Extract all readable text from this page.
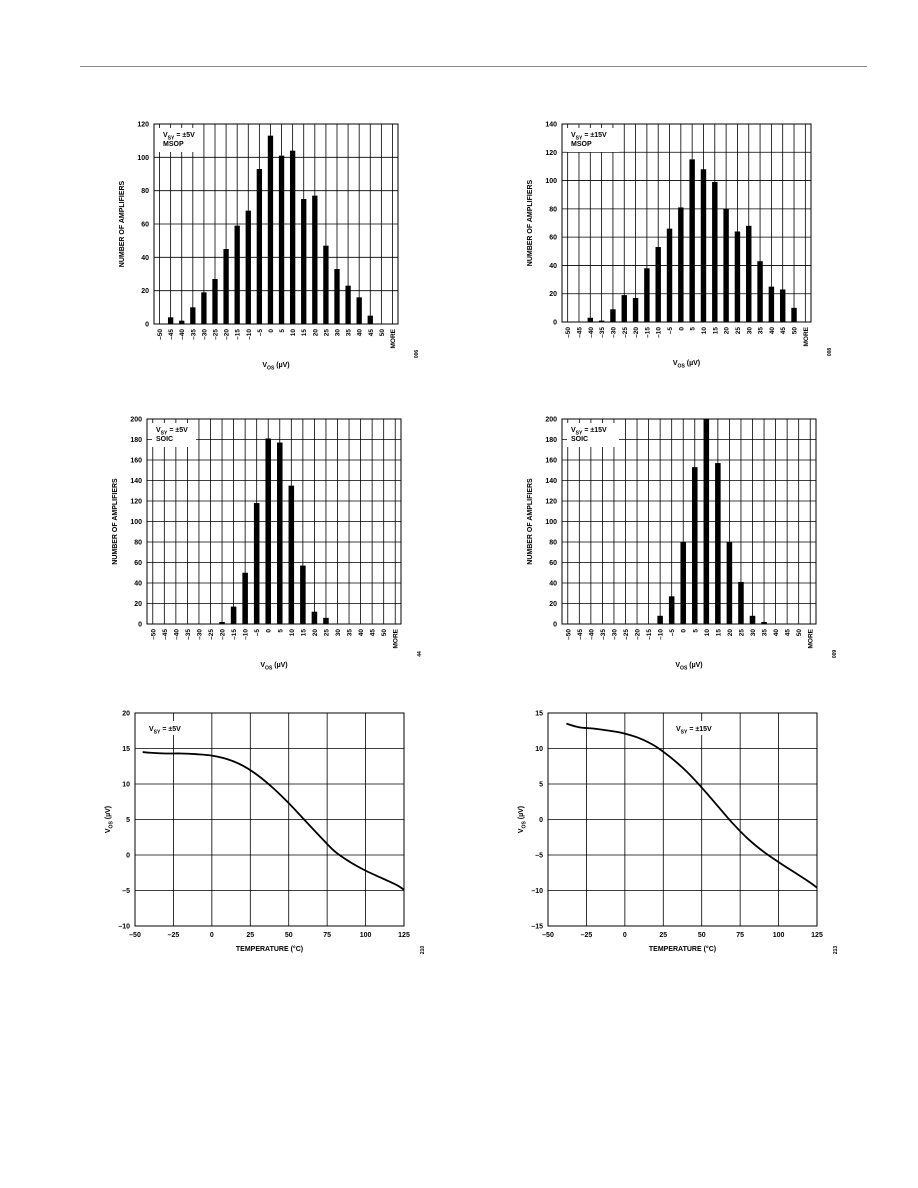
0
20
40
60
80
100
120
–50 –45 –40 –35 –30 –25 –20 –15 –10 –5 0 5 10 15 20 25 30 35 40 45 50 MORE
$V_{SY} = \pm 5V$
MSOP
$V_{OS}$ (µV)
NUMBER OF AMPLIFIERS
006
0
20
40
60
80
100
120
140
–50 –45 –40 –35 –30 –25 –20 –15 –10 –5 0 5 10 15 20 25 30 35 40 45 50 MORE
$V_{SY} = \pm 15V$
MSOP
$V_{OS}$ (µV)
NUMBER OF AMPLIFIERS
008
0
20
40
60
80
100
120
140
160
180
200
–50 –45 –40 –35 –30 –25 –20 –15 –10 –5 0 5 10 15 20 25 30 35 40 45 50 MORE
$V_{SY} = \pm 5V$
SOIC
$V_{OS}$ (µV)
NUMBER OF AMPLIFIERS
44
0
20
40
60
80
100
120
140
160
180
200
–50 –45 –40 –35 –30 –25 –20 –15 –10 –5 0 5 10 15 20 25 30 35 40 45 50 MORE
$V_{SY} = \pm 15V$
SOIC
$V_{OS}$ (µV)
NUMBER OF AMPLIFIERS
009
–10
–5
0
5
10
15
20
–50	–25	0	25	50	75	100	125
$V_{SY} = \pm 5V$
TEMPERATURE (°C)
$V_{OS}$ (µV)
210
–15
–10
–5
0
5
10
15
–50	–25	0	25	50	75	100	125
$V_{SY} = \pm 15V$
TEMPERATURE (°C)
$V_{OS}$ (µV)
213
